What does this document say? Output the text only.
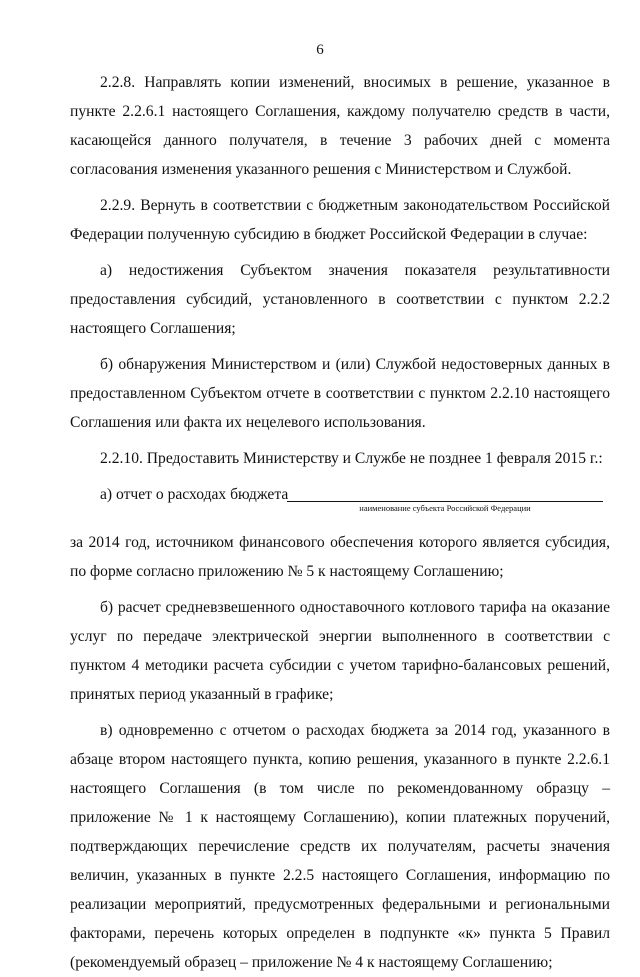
6

2.2.8. Направлять копии изменений, вносимых в решение, указанное в пункте 2.2.6.1 настоящего Соглашения, каждому получателю средств в части, касающейся данного получателя, в течение 3 рабочих дней с момента согласования изменения указанного решения с Министерством и Службой.

2.2.9. Вернуть в соответствии с бюджетным законодательством Российской Федерации полученную субсидию в бюджет Российской Федерации в случае:

а) недостижения Субъектом значения показателя результативности предоставления субсидий, установленного в соответствии с пунктом 2.2.2 настоящего Соглашения;

б) обнаружения Министерством и (или) Службой недостоверных данных в предоставленном Субъектом отчете в соответствии с пунктом 2.2.10 настоящего Соглашения или факта их нецелевого использования.

2.2.10. Предоставить Министерству и Службе не позднее 1 февраля 2015 г.:

а) отчет о расходах бюджета
наименование субъекта Российской Федерации

за 2014 год, источником финансового обеспечения которого является субсидия, по форме согласно приложению № 5 к настоящему Соглашению;

б) расчет средневзвешенного одноставочного котлового тарифа на оказание услуг по передаче электрической энергии выполненного в соответствии с пунктом 4 методики расчета субсидии с учетом тарифно-балансовых решений, принятых период указанный в графике;

в) одновременно с отчетом о расходах бюджета за 2014 год, указанного в абзаце втором настоящего пункта, копию решения, указанного в пункте 2.2.6.1 настоящего Соглашения (в том числе по рекомендованному образцу – приложение № 1 к настоящему Соглашению), копии платежных поручений, подтверждающих перечисление средств их получателям, расчеты значения величин, указанных в пункте 2.2.5 настоящего Соглашения, информацию по реализации мероприятий, предусмотренных федеральными и региональными факторами, перечень которых определен в подпункте «к» пункта 5 Правил (рекомендуемый образец – приложение № 4 к настоящему Соглашению;
